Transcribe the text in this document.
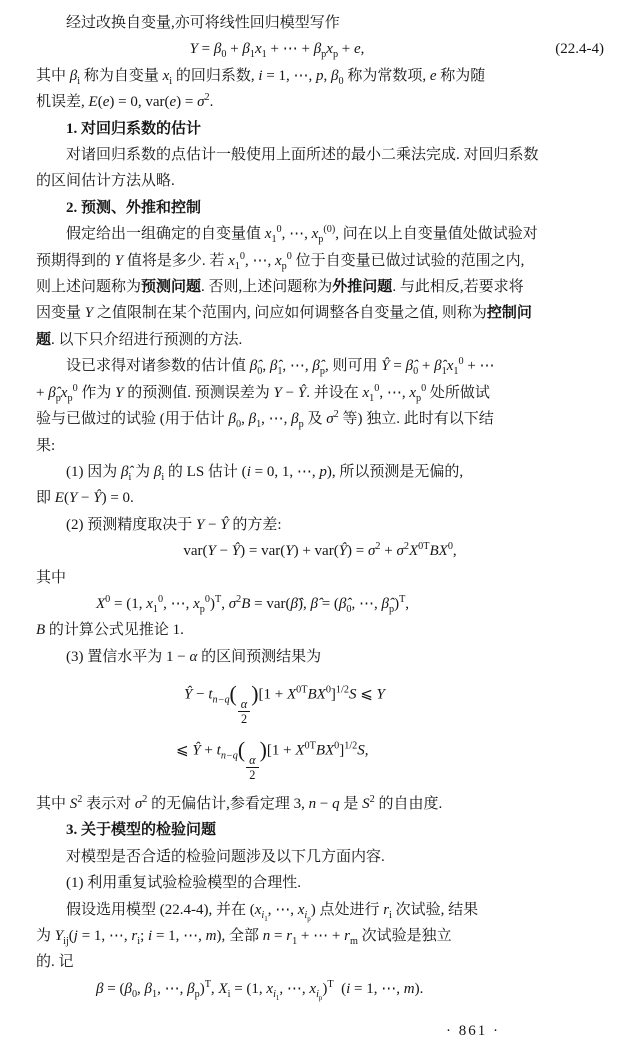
经过改换自变量,亦可将线性回归模型写作
$Y = \beta_0 + \beta_1x_1$ + ⋯ + $\beta_px_p + e$,	(22.4-4)
其中 $\beta_i$ 称为自变量 $x_i$ 的回归系数, i = 1, ⋯, p, $\beta_0$ 称为常数项, e 称为随
机误差, E(e) = 0, $var(e) = \sigma^2$.
1. 对回归系数的估计
对诸回归系数的点估计一般使用上面所述的最小二乘法完成. 对回归系数
的区间估计方法从略.
2. 预测、外推和控制
假定给出一组确定的自变量值 $x_1^0$, ⋯, $x_p^{(0)}$, 问在以上自变量值处做试验对
预期得到的 Y 值将是多少. 若 $x_1^0$, ⋯, $x_p^0$ 位于自变量已做过试验的范围之内,
则上述问题称为预测问题. 否则,上述问题称为外推问题. 与此相反,若要求将
因变量 Y 之值限制在某个范围内, 问应如何调整各自变量之值, 则称为控制问
题. 以下只介绍进行预测的方法.
设已求得对诸参数的估计值 $\betâ_0$, $\betâ_1$, ⋯, $\betâ_p$, 则可用 Ŷ = $\betâ_0$ + $\betâ_1x_1^0$ + ⋯
+ $\betâ_px_p^0$ 作为 Y 的预测值. 预测误差为 Y − Ŷ. 并设在 $x_1^0$, ⋯, $x_p^0$ 处所做试
验与已做过的试验 (用于估计 $\beta_0$, $\beta_1$, ⋯, $\beta_p$ 及 $\sigma^2$ 等) 独立. 此时有以下结
果:
(1) 因为 $\betâ_i$ 为 $\beta_i$ 的 LS 估计 (i = 0, 1, ⋯, p), 所以预测是无偏的,
即 E(Y − Ŷ) = 0.
(2) 预测精度取决于 Y − Ŷ 的方差:
var(Y − Ŷ) = var(Y) + var(Ŷ) = $\sigma^2 + \sigma^2X^{0T}BX^0$,
其中
$X^0 = (1$, $x_1^0$, ⋯, $x_p^0)^T$, $\sigma^2B$ = var(β̂), β̂ = ($\betâ_0$, ⋯, $\betâ_p)^T$,
B 的计算公式见推论 1.
(3) 置信水平为 1 − α 的区间预测结果为
Ŷ − $t_{n-q}$(
$\frac{\alpha}{2}$
)$[1 + X^{0T}BX^0]^{1/2}S$ ⩽ Y
⩽ Ŷ + $t_{n-q}$(
$\frac{\alpha}{2}$
)$[1 + X^{0T}BX^0]^{1/2}S$,
其中 $S^2$ 表示对 $\sigma^2$ 的无偏估计,参看定理 3, n − q 是 $S^2$ 的自由度.
3. 关于模型的检验问题
对模型是否合适的检验问题涉及以下几方面内容.
(1) 利用重复试验检验模型的合理性.
假设选用模型 (22.4-4), 并在 ($x_{i_1}$, ⋯, $x_{i_p}$) 点处进行 $r_i$ 次试验, 结果
为 $Y_{ij}(j = 1$, ⋯, $r_i$; i = 1, ⋯, m), 全部 $n = r_1$ + ⋯ + $r_m$ 次试验是独立
的. 记
$\beta = (\beta_0$, $\beta_1$, ⋯, $\beta_p)^T$, $X_i = (1$, $x_{i_1}$, ⋯, $x_{i_p})^T$  (i = 1, ⋯, m).
· 861 ·
